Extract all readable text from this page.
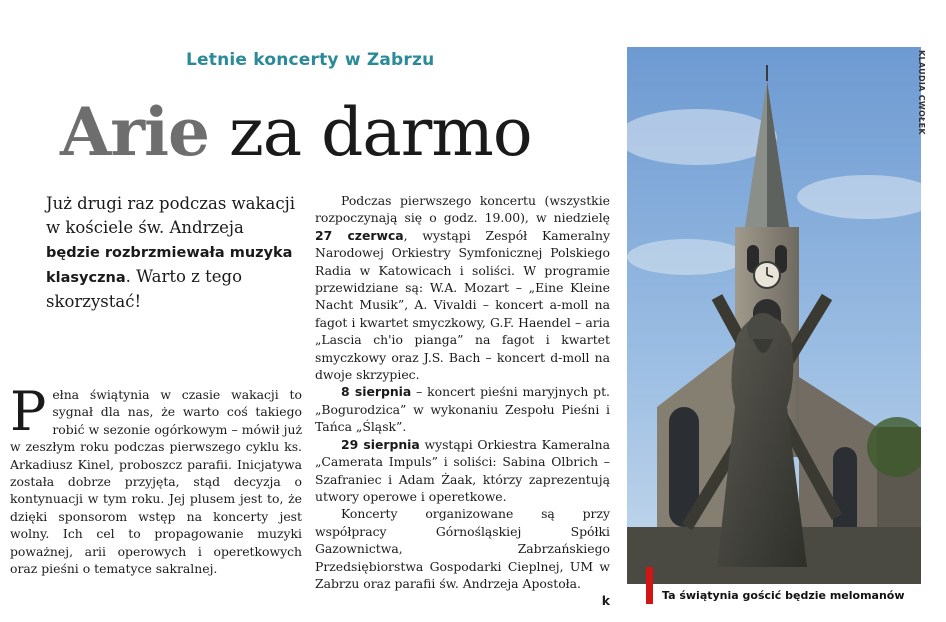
Letnie koncerty w Zabrzu
Arie za darmo

Już drugi raz podczas wakacji w kościele św. Andrzeja będzie rozbrzmiewała muzyka klasyczna. Warto z tego skorzystać!

P ełna świątynia w czasie wakacji to sygnał dla nas, że warto coś takiego robić w sezonie ogórkowym – mówił już w zeszłym roku podczas pierwszego cyklu ks. Arkadiusz Kinel, proboszcz parafii. Inicjatywa została dobrze przyjęta, stąd decyzja o kontynuacji w tym roku. Jej plusem jest to, że dzięki sponsorom wstęp na koncerty jest wolny. Ich cel to propagowanie muzyki poważnej, arii operowych i operetkowych oraz pieśni o tematyce sakralnej.

Podczas pierwszego koncertu (wszystkie rozpoczynają się o godz. 19.00), w niedzielę 27 czerwca, wystąpi Zespół Kameralny Narodowej Orkiestry Symfonicznej Polskiego Radia w Katowicach i soliści. W programie przewidziane są: W.A. Mozart – „Eine Kleine Nacht Musik”, A. Vivaldi – koncert a-moll na fagot i kwartet smyczkowy, G.F. Haendel – aria „Lascia ch'io pianga” na fagot i kwartet smyczkowy oraz J.S. Bach – koncert d-moll na dwoje skrzypiec.

8 sierpnia – koncert pieśni maryjnych pt. „Bogurodzica” w wykonaniu Zespołu Pieśni i Tańca „Śląsk”.

29 sierpnia wystąpi Orkiestra Kameralna „Camerata Impuls” i soliści: Sabina Olbrich – Szafraniec i Adam Żaak, którzy zaprezentują utwory operowe i operetkowe.

Koncerty organizowane są przy współpracy Górnośląskiej Spółki Gazownictwa, Zabrzańskiego Przedsiębiorstwa Gospodarki Cieplnej, UM w Zabrzu oraz parafii św. Andrzeja Apostoła.
k

KLAUDIA CWOŁEK
Ta świątynia gościć będzie melomanów
